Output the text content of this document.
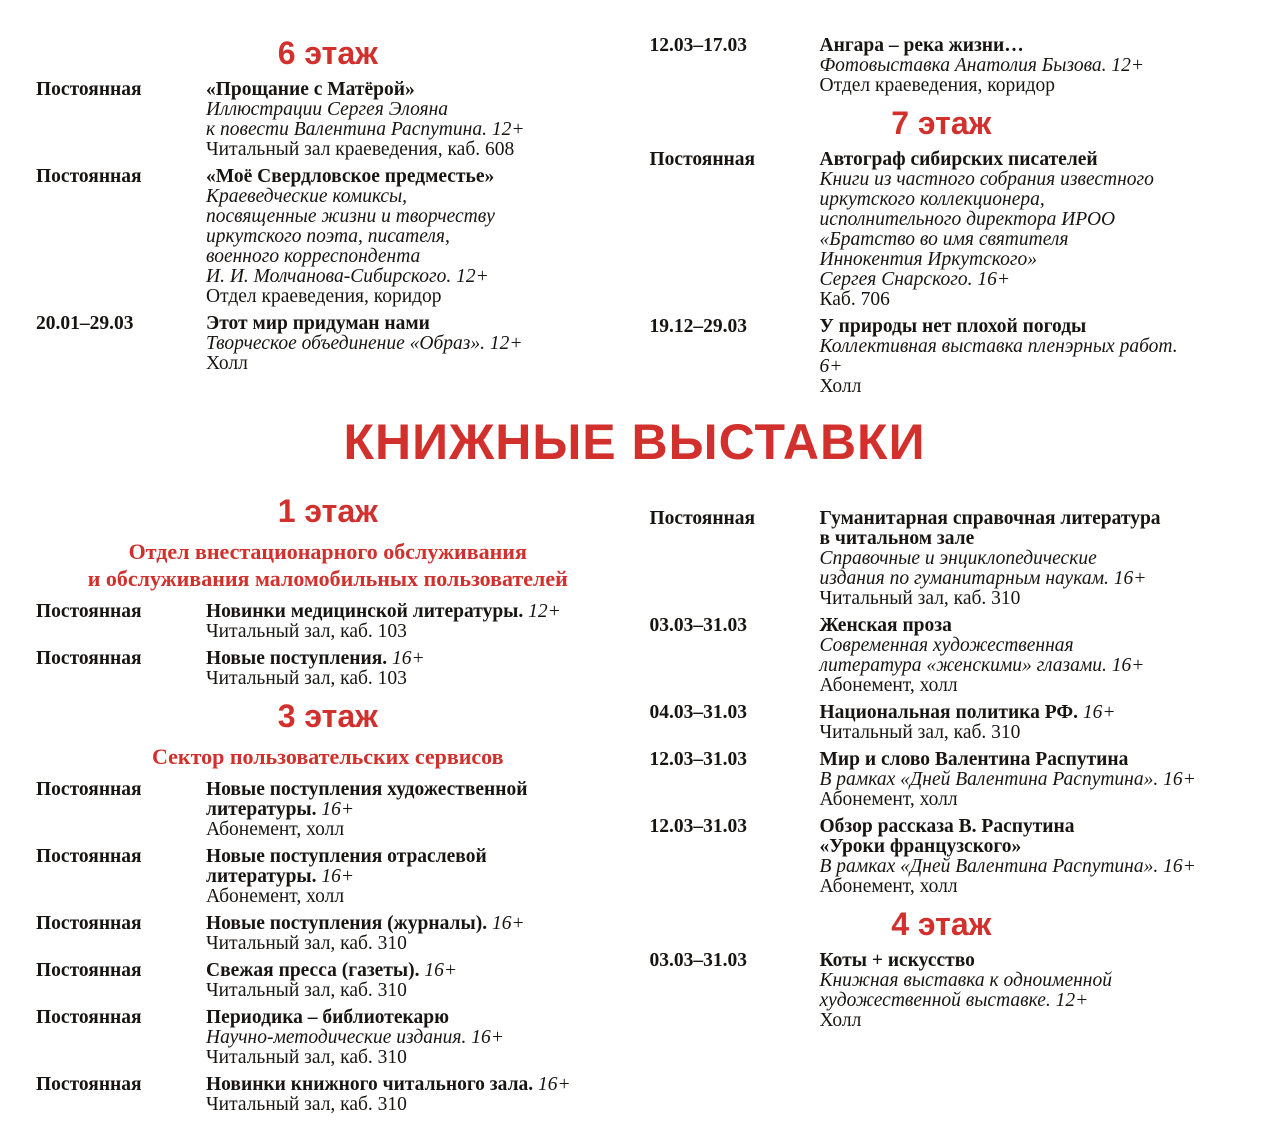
6 этаж
Постоянная	«Прощание с Матёрой»
Иллюстрации Сергея Элояна
к повести Валентина Распутина. 12+
Читальный зал краеведения, каб. 608
Постоянная	«Моё Свердловское предместье»
Краеведческие комиксы,
посвященные жизни и творчеству
иркутского поэта, писателя,
военного корреспондента
И. И. Молчанова-Сибирского. 12+
Отдел краеведения, коридор
20.01–29.03	Этот мир придуман нами
Творческое объединение «Образ». 12+
Холл
12.03–17.03	Ангара – река жизни…
Фотовыставка Анатолия Бызова. 12+
Отдел краеведения, коридор
7 этаж
Постоянная	Автограф сибирских писателей
Книги из частного собрания известного
иркутского коллекционера,
исполнительного директора ИРОО
«Братство во имя святителя
Иннокентия Иркутского»
Сергея Снарского. 16+
Каб. 706
19.12–29.03	У природы нет плохой погоды
Коллективная выставка пленэрных работ.
6+
Холл
КНИЖНЫЕ ВЫСТАВКИ
1 этаж
Отдел внестационарного обслуживания
и обслуживания маломобильных пользователей
Постоянная	Новинки медицинской литературы. 12+
Читальный зал, каб. 103
Постоянная	Новые поступления. 16+
Читальный зал, каб. 103
3 этаж
Сектор пользовательских сервисов
Постоянная	Новые поступления художественной
литературы. 16+
Абонемент, холл
Постоянная	Новые поступления отраслевой
литературы. 16+
Абонемент, холл
Постоянная	Новые поступления (журналы). 16+
Читальный зал, каб. 310
Постоянная	Свежая пресса (газеты). 16+
Читальный зал, каб. 310
Постоянная	Периодика – библиотекарю
Научно-методические издания. 16+
Читальный зал, каб. 310
Постоянная	Новинки книжного читального зала. 16+
Читальный зал, каб. 310
Постоянная	Гуманитарная справочная литература
в читальном зале
Справочные и энциклопедические
издания по гуманитарным наукам. 16+
Читальный зал, каб. 310
03.03–31.03	Женская проза
Современная художественная
литература «женскими» глазами. 16+
Абонемент, холл
04.03–31.03	Национальная политика РФ. 16+
Читальный зал, каб. 310
12.03–31.03	Мир и слово Валентина Распутина
В рамках «Дней Валентина Распутина». 16+
Абонемент, холл
12.03–31.03	Обзор рассказа В. Распутина
«Уроки французского»
В рамках «Дней Валентина Распутина». 16+
Абонемент, холл
4 этаж
03.03–31.03	Коты + искусство
Книжная выставка к одноименной
художественной выставке. 12+
Холл
